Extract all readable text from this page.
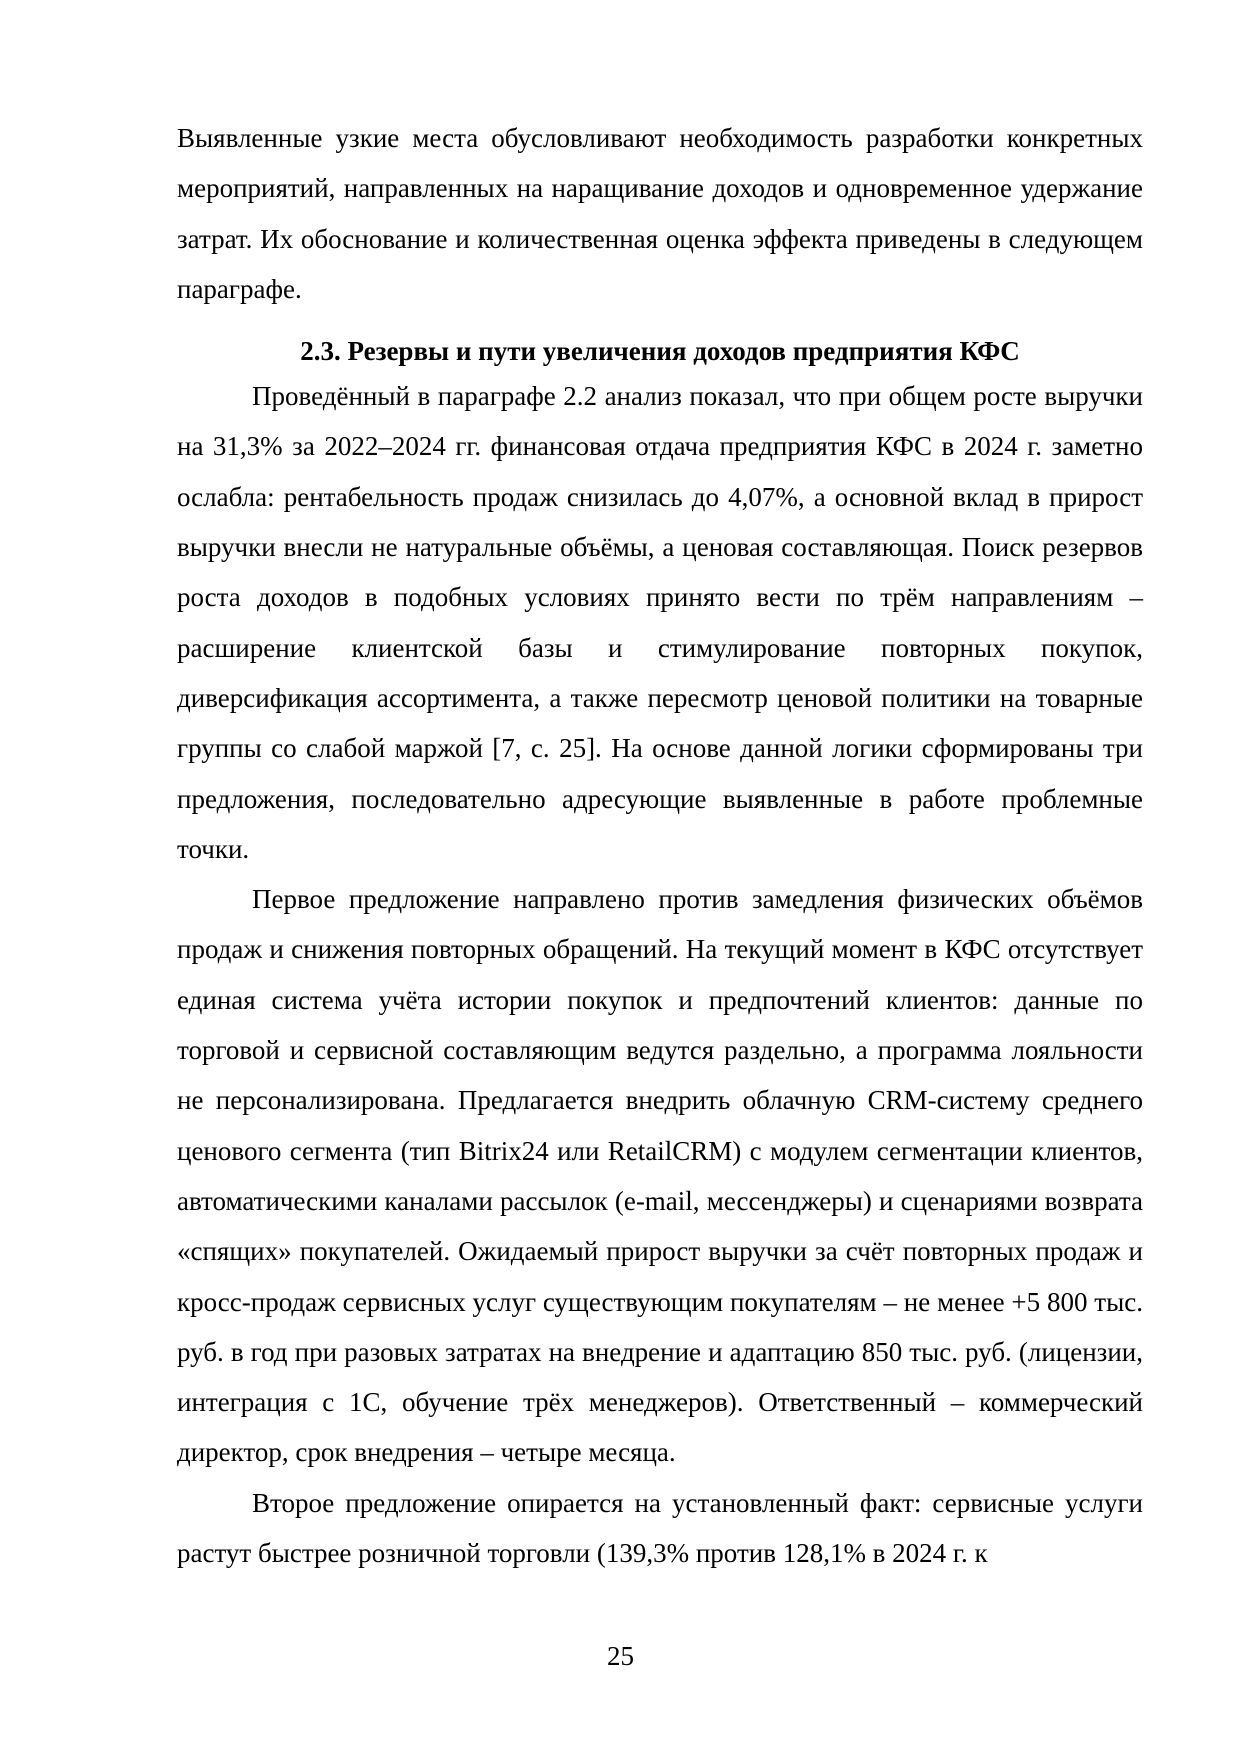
Выявленные узкие места обусловливают необходимость разработки конкретных мероприятий, направленных на наращивание доходов и одновременное удержание затрат. Их обоснование и количественная оценка эффекта приведены в следующем параграфе.

2.3. Резервы и пути увеличения доходов предприятия КФС

Проведённый в параграфе 2.2 анализ показал, что при общем росте выручки на 31,3% за 2022–2024 гг. финансовая отдача предприятия КФС в 2024 г. заметно ослабла: рентабельность продаж снизилась до 4,07%, а основной вклад в прирост выручки внесли не натуральные объёмы, а ценовая составляющая. Поиск резервов роста доходов в подобных условиях принято вести по трём направлениям – расширение клиентской базы и стимулирование повторных покупок, диверсификация ассортимента, а также пересмотр ценовой политики на товарные группы со слабой маржой [7, с. 25]. На основе данной логики сформированы три предложения, последовательно адресующие выявленные в работе проблемные точки.

Первое предложение направлено против замедления физических объёмов продаж и снижения повторных обращений. На текущий момент в КФС отсутствует единая система учёта истории покупок и предпочтений клиентов: данные по торговой и сервисной составляющим ведутся раздельно, а программа лояльности не персонализирована. Предлагается внедрить облачную CRM-систему среднего ценового сегмента (тип Bitrix24 или RetailCRM) с модулем сегментации клиентов, автоматическими каналами рассылок (e-mail, мессенджеры) и сценариями возврата «спящих» покупателей. Ожидаемый прирост выручки за счёт повторных продаж и кросс-продаж сервисных услуг существующим покупателям – не менее +5 800 тыс. руб. в год при разовых затратах на внедрение и адаптацию 850 тыс. руб. (лицензии, интеграция с 1С, обучение трёх менеджеров). Ответственный – коммерческий директор, срок внедрения – четыре месяца.

Второе предложение опирается на установленный факт: сервисные услуги растут быстрее розничной торговли (139,3% против 128,1% в 2024 г. к

25
